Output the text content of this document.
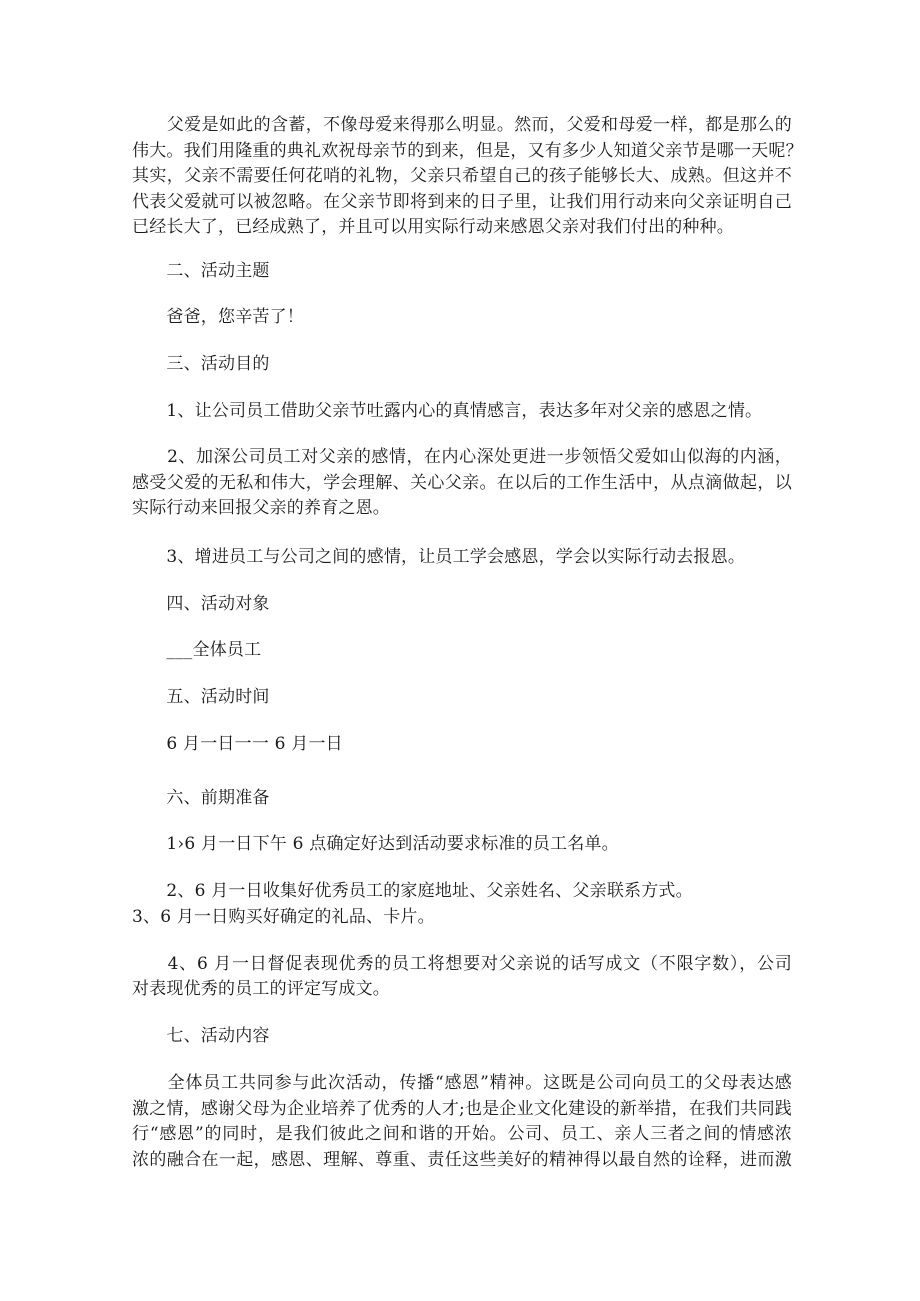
　　父爱是如此的含蓄，不像母爱来得那么明显。然而，父爱和母爱一样，都是那么的
伟大。我们用隆重的典礼欢祝母亲节的到来，但是，又有多少人知道父亲节是哪一天呢？
其实，父亲不需要任何花哨的礼物，父亲只希望自己的孩子能够长大、成熟。但这并不
代表父爱就可以被忽略。在父亲节即将到来的日子里，让我们用行动来向父亲证明自己
已经长大了，已经成熟了，并且可以用实际行动来感恩父亲对我们付出的种种。
　　二、活动主题
　　爸爸，您辛苦了！
　　三、活动目的
　　1、让公司员工借助父亲节吐露内心的真情感言，表达多年对父亲的感恩之情。
　　2、加深公司员工对父亲的感情，在内心深处更进一步领悟父爱如山似海的内涵，
感受父爱的无私和伟大，学会理解、关心父亲。在以后的工作生活中，从点滴做起，以
实际行动来回报父亲的养育之恩。
　　3、增进员工与公司之间的感情，让员工学会感恩，学会以实际行动去报恩。
　　四、活动对象
　　___全体员工
　　五、活动时间
　　6 月一日一一 6 月一日
　　六、前期准备
　　1›6 月一日下午 6 点确定好达到活动要求标准的员工名单。
　　2、6 月一日收集好优秀员工的家庭地址、父亲姓名、父亲联系方式。
3、6 月一日购买好确定的礼品、卡片。
　　4、6 月一日督促表现优秀的员工将想要对父亲说的话写成文（不限字数），公司
对表现优秀的员工的评定写成文。
　　七、活动内容
　　全体员工共同参与此次活动，传播“感恩”精神。这既是公司向员工的父母表达感
激之情，感谢父母为企业培养了优秀的人才;也是企业文化建设的新举措，在我们共同践
行“感恩”的同时，是我们彼此之间和谐的开始。公司、员工、亲人三者之间的情感浓
浓的融合在一起，感恩、理解、尊重、责任这些美好的精神得以最自然的诠释，进而激
